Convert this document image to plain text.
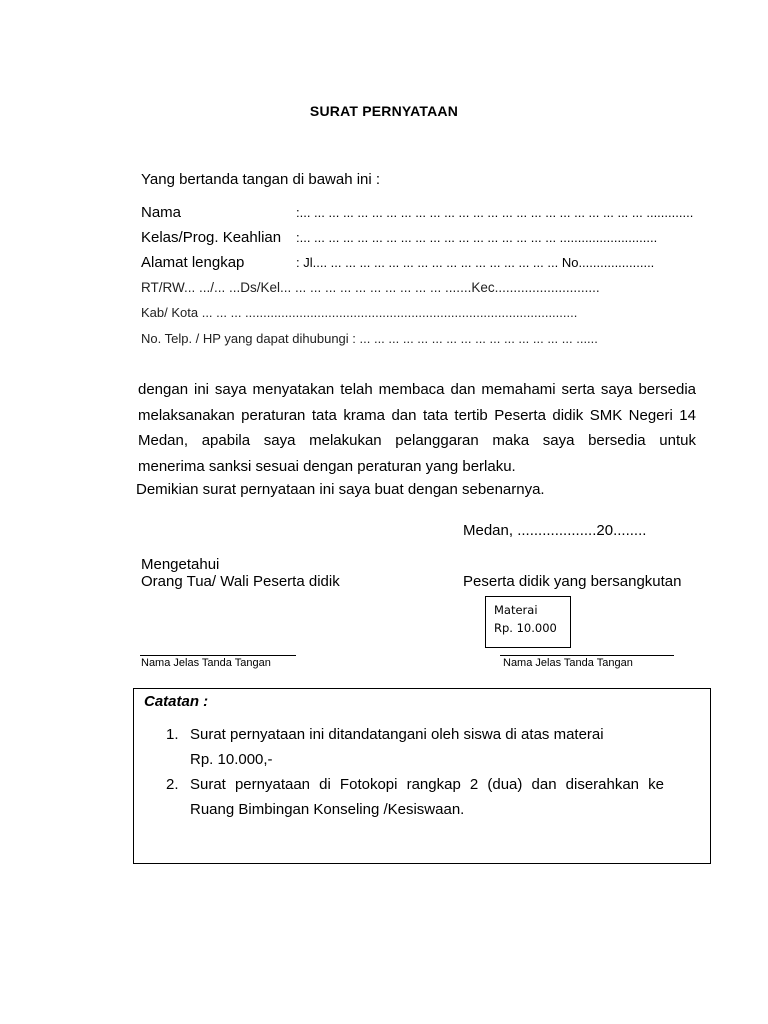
SURAT PERNYATAAN
Yang bertanda tangan di bawah ini :
Nama	:... ... ... ... ... ... ... ... ... ... ... ... ... ... ... ... ... ... ... ... ... ... ... ... .............
Kelas/Prog. Keahlian :... ... ... ... ... ... ... ... ... ... ... ... ... ... ... ... ... ... ...........................
Alamat lengkap	: Jl.... ... ... ... ... ... ... ... ... ... ... ... ... ... ... ... ... No.....................
RT/RW... .../... ...Ds/Kel... ... ... ... ... ... ... ... ... ... ... .......Kec............................
Kab/ Kota ... ... ... ............................................................................................
No. Telp. / HP yang dapat dihubungi : ... ... ... ... ... ... ... ... ... ... ... ... ... ... ... ......
dengan ini saya menyatakan telah membaca dan memahami serta saya bersedia
melaksanakan peraturan tata krama dan tata tertib Peserta didik SMK Negeri 14
Medan, apabila saya melakukan pelanggaran maka saya bersedia untuk
menerima sanksi sesuai dengan peraturan yang berlaku.
Demikian surat pernyataan ini saya buat dengan sebenarnya.
Medan, ...................20........
Mengetahui
Orang Tua/ Wali Peserta didik	Peserta didik yang bersangkutan
Materai
Rp. 10.000
Nama Jelas Tanda Tangan	Nama Jelas Tanda Tangan
Catatan :
1. Surat pernyataan ini ditandatangani oleh siswa di atas materai
Rp. 10.000,-
2. Surat pernyataan di Fotokopi rangkap 2 (dua) dan diserahkan ke
Ruang Bimbingan Konseling /Kesiswaan.
